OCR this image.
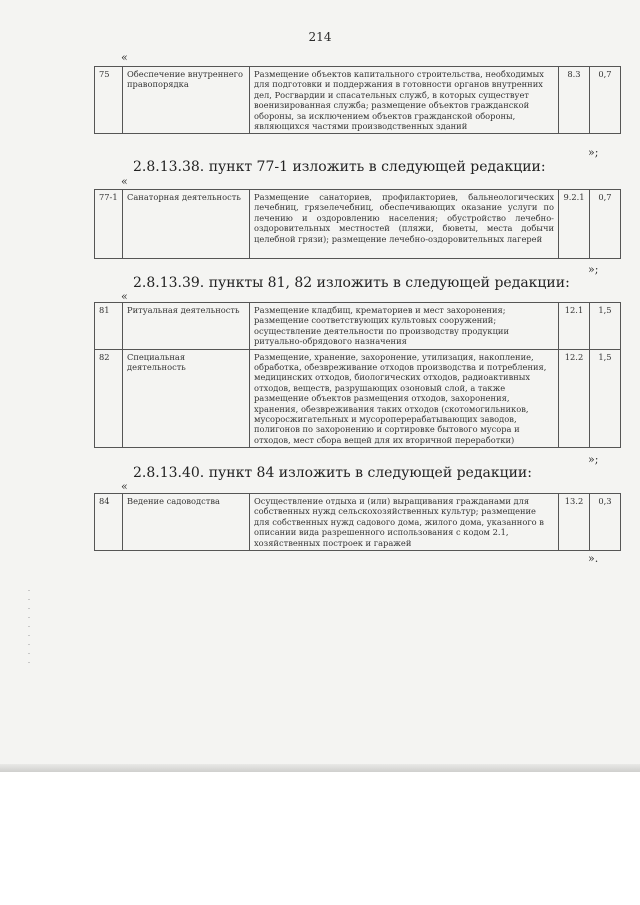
214
«
75	Обеспечение внутреннего правопорядка	Размещение объектов капитального строительства, необходимых для подготовки и поддержания в готовности органов внутренних дел, Росгвардии и спасательных служб, в которых существует военизированная служба; размещение объектов гражданской обороны, за исключением объектов гражданской обороны, являющихся частями производственных зданий	8.3	0,7
»;
2.8.13.38. пункт 77-1 изложить в следующей редакции:
«
77-1	Санаторная деятельность	Размещение санаториев, профилакториев, бальнеологических лечебниц, грязелечебниц, обеспечивающих оказание услуги по лечению и оздоровлению населения; обустройство лечебно-оздоровительных местностей (пляжи, бюветы, места добычи целебной грязи); размещение лечебно-оздоровительных лагерей	9.2.1	0,7
»;
2.8.13.39. пункты 81, 82 изложить в следующей редакции:
«
81	Ритуальная деятельность	Размещение кладбищ, крематориев и мест захоронения; размещение соответствующих культовых сооружений; осуществление деятельности по производству продукции ритуально-обрядового назначения	12.1	1,5
82	Специальная деятельность	Размещение, хранение, захоронение, утилизация, накопление, обработка, обезвреживание отходов производства и потребления, медицинских отходов, биологических отходов, радиоактивных отходов, веществ, разрушающих озоновый слой, а также размещение объектов размещения отходов, захоронения, хранения, обезвреживания таких отходов (скотомогильников, мусоросжигательных и мусороперерабатывающих заводов, полигонов по захоронению и сортировке бытового мусора и отходов, мест сбора вещей для их вторичной переработки)	12.2	1,5
»;
2.8.13.40. пункт 84 изложить в следующей редакции:
«
84	Ведение садоводства	Осуществление отдыха и (или) выращивания гражданами для собственных нужд сельскохозяйственных культур; размещение для собственных нужд садового дома, жилого дома, указанного в описании вида разрешенного использования с кодом 2.1, хозяйственных построек и гаражей	13.2	0,3
».
